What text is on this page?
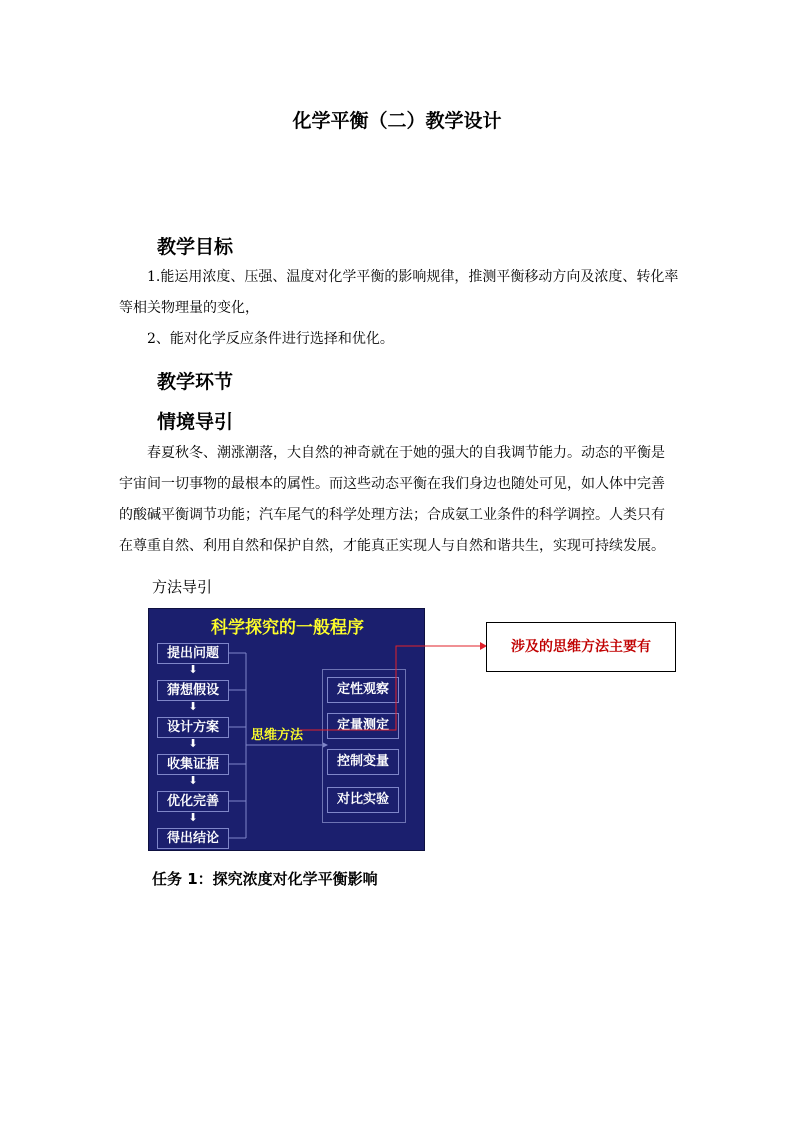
化学平衡（二）教学设计
教学目标
1.能运用浓度、压强、温度对化学平衡的影响规律，推测平衡移动方向及浓度、转化率
等相关物理量的变化，
2、能对化学反应条件进行选择和优化。
教学环节
情境导引
春夏秋冬、潮涨潮落，大自然的神奇就在于她的强大的自我调节能力。动态的平衡是
宇宙间一切事物的最根本的属性。而这些动态平衡在我们身边也随处可见，如人体中完善
的酸碱平衡调节功能；汽车尾气的科学处理方法；合成氨工业条件的科学调控。人类只有
在尊重自然、利用自然和保护自然，才能真正实现人与自然和谐共生，实现可持续发展。
方法导引
科学探究的一般程序
提出问题
⬇
猜想假设
⬇
设计方案
⬇
收集证据
⬇
优化完善
⬇
得出结论
定性观察
定量测定
控制变量
对比实验
思维方法
涉及的思维方法主要有
任务 1：探究浓度对化学平衡影响
